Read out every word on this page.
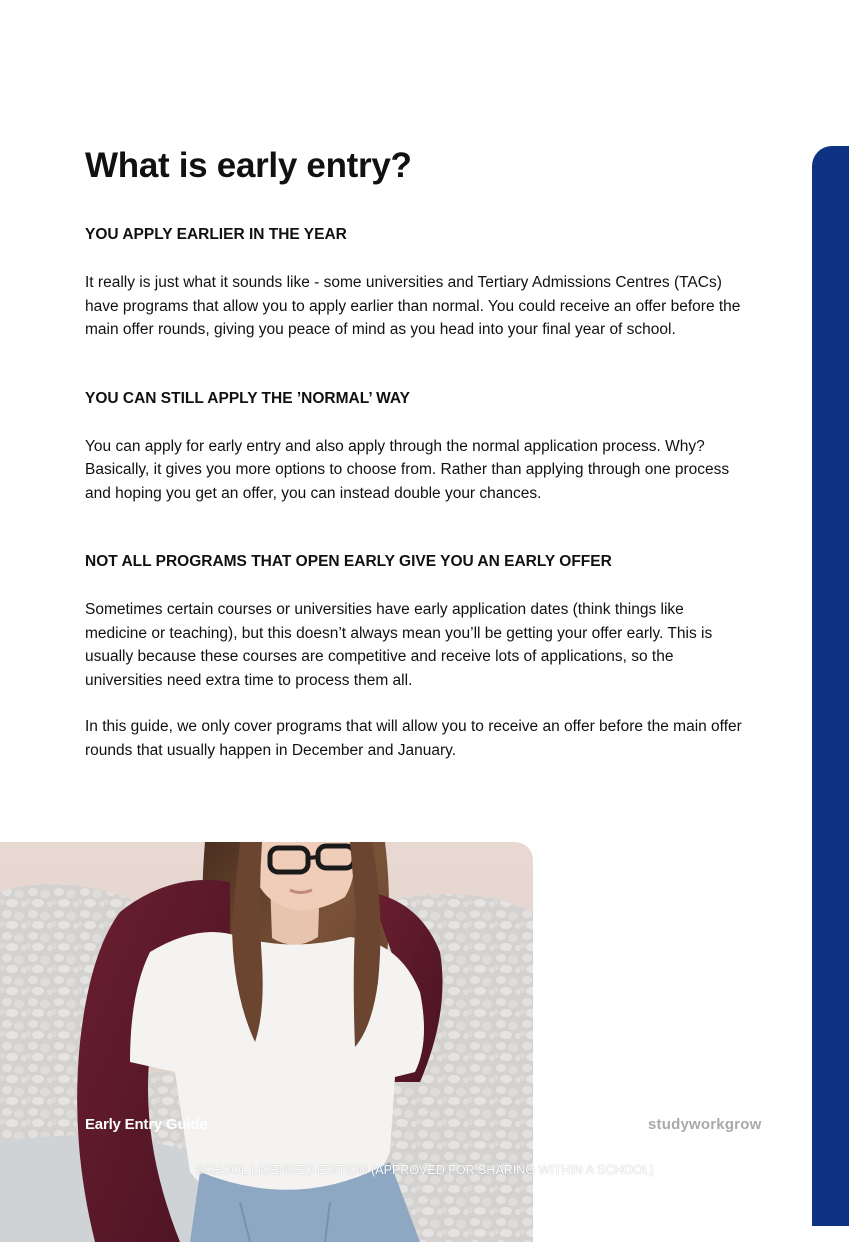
What is early entry?
YOU APPLY EARLIER IN THE YEAR

It really is just what it sounds like - some universities and Tertiary Admissions Centres (TACs) have programs that allow you to apply earlier than normal. You could receive an offer before the main offer rounds, giving you peace of mind as you head into your final year of school.

YOU CAN STILL APPLY THE ’NORMAL’ WAY

You can apply for early entry and also apply through the normal application process. Why? Basically, it gives you more options to choose from. Rather than applying through one process and hoping you get an offer, you can instead double your chances.

NOT ALL PROGRAMS THAT OPEN EARLY GIVE YOU AN EARLY OFFER

Sometimes certain courses or universities have early application dates (think things like medicine or teaching), but this doesn’t always mean you’ll be getting your offer early. This is usually because these courses are competitive and receive lots of applications, so the universities need extra time to process them all.

In this guide, we only cover programs that will allow you to receive an offer before the main offer rounds that usually happen in December and January.

Early Entry Guide	studyworkgrow
SCHOOL LICENSED EDITION (APPROVED FOR SHARING WITHIN A SCHOOL)
